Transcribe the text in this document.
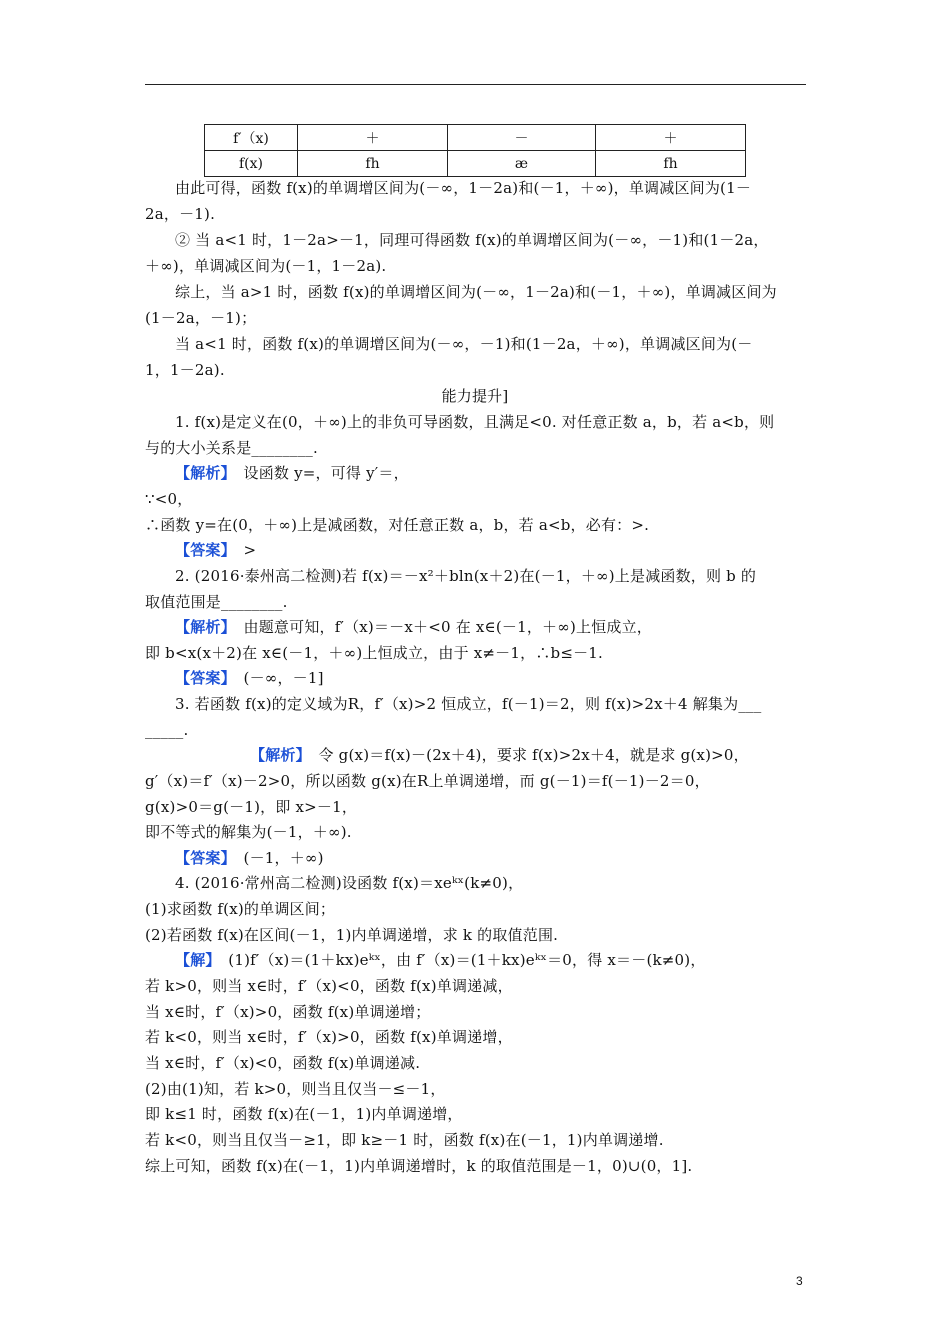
f′（x)	＋	－	＋
f(x)	fh	æ	fh
由此可得，函数 f(x)的单调增区间为(－∞，1－2a)和(－1，＋∞)，单调减区间为(1－
2a，－1).
② 当 a<1 时，1－2a>－1，同理可得函数 f(x)的单调增区间为(－∞，－1)和(1－2a，
＋∞)，单调减区间为(－1，1－2a).
综上，当 a>1 时，函数 f(x)的单调增区间为(－∞，1－2a)和(－1，＋∞)，单调减区间为
(1－2a，－1)；
当 a<1 时，函数 f(x)的单调增区间为(－∞，－1)和(1－2a，＋∞)，单调减区间为(－
1，1－2a).
能力提升]
1. f(x)是定义在(0，＋∞)上的非负可导函数，且满足<0. 对任意正数 a，b，若 a<b，则
与的大小关系是________.
【解析】　设函数 y=，可得 y′＝，
∵<0，
∴函数 y=在(0，＋∞)上是减函数，对任意正数 a，b，若 a<b，必有：>.
【答案】　>
2. (2016·泰州高二检测)若 f(x)＝－x²＋bln(x＋2)在(－1，＋∞)上是减函数，则 b 的
取值范围是________.
【解析】　由题意可知，f′（x)＝－x＋<0 在 x∈(－1，＋∞)上恒成立，
即 b<x(x＋2)在 x∈(－1，＋∞)上恒成立，由于 x≠－1，∴b≤－1.
【答案】　(－∞，－1]
3. 若函数 f(x)的定义域为R，f′（x)>2 恒成立，f(－1)＝2，则 f(x)>2x＋4 解集为___
_____.
【解析】　令 g(x)＝f(x)－(2x＋4)，要求 f(x)>2x＋4，就是求 g(x)>0，
g′（x)＝f′（x)－2>0，所以函数 g(x)在R上单调递增，而 g(－1)＝f(－1)－2＝0，
g(x)>0＝g(－1)，即 x>－1，
即不等式的解集为(－1，＋∞).
【答案】　(－1，＋∞)
4. (2016·常州高二检测)设函数 f(x)＝xeᵏˣ(k≠0)，
(1)求函数 f(x)的单调区间；
(2)若函数 f(x)在区间(－1，1)内单调递增，求 k 的取值范围.
【解】　(1)f′（x)＝(1＋kx)eᵏˣ，由 f′（x)＝(1＋kx)eᵏˣ＝0，得 x＝－(k≠0)，
若 k>0，则当 x∈时，f′（x)<0，函数 f(x)单调递减，
当 x∈时，f′（x)>0，函数 f(x)单调递增；
若 k<0，则当 x∈时，f′（x)>0，函数 f(x)单调递增，
当 x∈时，f′（x)<0，函数 f(x)单调递减.
(2)由(1)知，若 k>0，则当且仅当－≤－1，
即 k≤1 时，函数 f(x)在(－1，1)内单调递增，
若 k<0，则当且仅当－≥1，即 k≥－1 时，函数 f(x)在(－1，1)内单调递增.
综上可知，函数 f(x)在(－1，1)内单调递增时，k 的取值范围是－1，0)∪(0，1].
3
